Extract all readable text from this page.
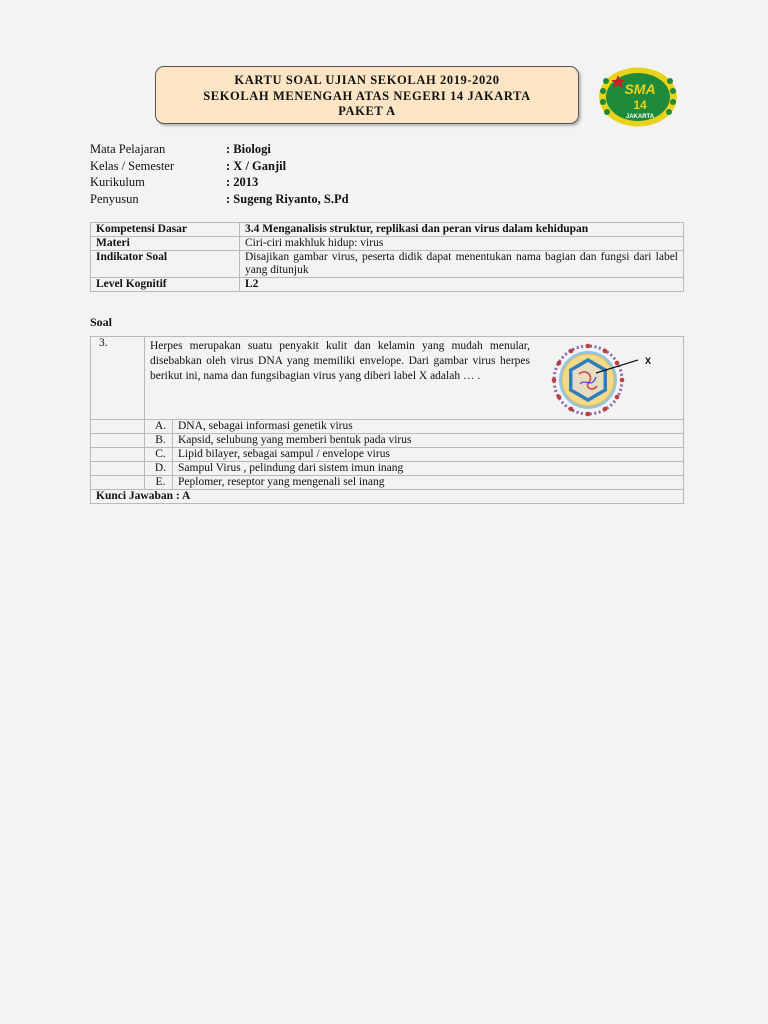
KARTU SOAL UJIAN SEKOLAH 2019-2020
SEKOLAH MENENGAH ATAS NEGERI 14 JAKARTA
PAKET A
SMA
14
JAKARTA
Mata Pelajaran	: Biologi
Kelas / Semester	: X / Ganjil
Kurikulum	: 2013
Penyusun	: Sugeng Riyanto, S.Pd
Kompetensi Dasar	3.4 Menganalisis struktur, replikasi dan peran virus dalam kehidupan
Materi	Ciri-ciri makhluk hidup: virus
Indikator Soal	Disajikan gambar virus, peserta didik dapat menentukan nama bagian dan fungsi dari label yang ditunjuk
Level Kognitif	L2
Soal
3.	Herpes merupakan suatu penyakit kulit dan kelamin yang mudah menular, disebabkan oleh virus DNA yang memiliki envelope. Dari gambar virus herpes berikut ini, nama dan fungsibagian virus yang diberi label X adalah … .
X	

	A.	DNA, sebagai informasi genetik virus
	B.	Kapsid, selubung yang memberi bentuk pada virus
	C.	Lipid bilayer, sebagai sampul / envelope virus
	D.	Sampul Virus , pelindung dari sistem imun inang
	E.	Peplomer, reseptor yang mengenali sel inang
Kunci Jawaban : A		
